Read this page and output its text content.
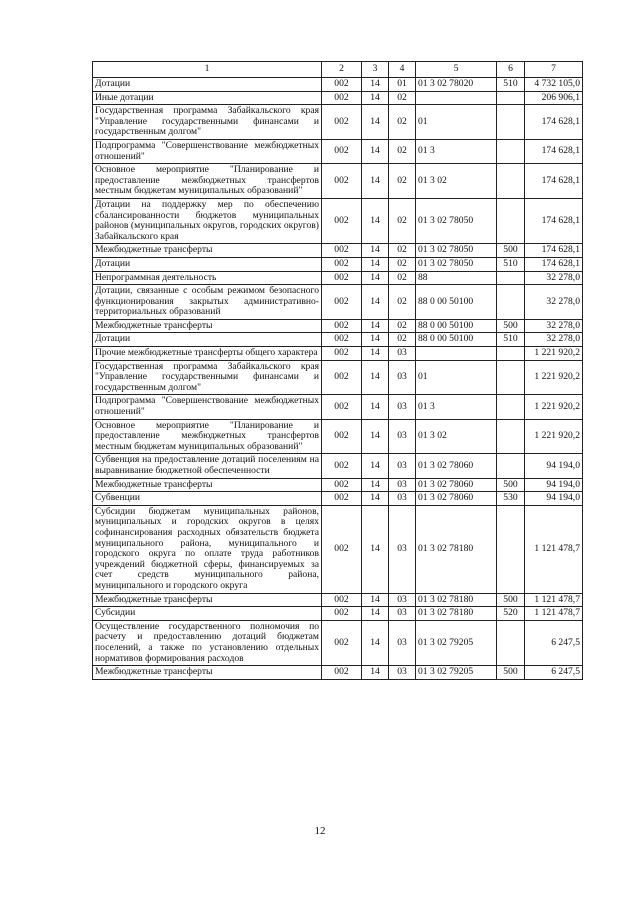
1	2	3	4	5	6	7
Дотации	002	14	01	01 3 02 78020	510	4 732 105,0
Иные дотации	002	14	02			206 906,1
Государственная программа Забайкальского края "Управление государственными финансами и государственным долгом"	002	14	02	01		174 628,1
Подпрограмма "Совершенствование межбюджетных отношений"	002	14	02	01 3		174 628,1
Основное мероприятие "Планирование и предоставление межбюджетных трансфертов местным бюджетам муниципальных образований"	002	14	02	01 3 02		174 628,1
Дотации на поддержку мер по обеспечению сбалансированности бюджетов муниципальных районов (муниципальных округов, городских округов) Забайкальского края	002	14	02	01 3 02 78050		174 628,1
Межбюджетные трансферты	002	14	02	01 3 02 78050	500	174 628,1
Дотации	002	14	02	01 3 02 78050	510	174 628,1
Непрограммная деятельность	002	14	02	88		32 278,0
Дотации, связанные с особым режимом безопасного функционирования закрытых административно-территориальных образований	002	14	02	88 0 00 50100		32 278,0
Межбюджетные трансферты	002	14	02	88 0 00 50100	500	32 278,0
Дотации	002	14	02	88 0 00 50100	510	32 278,0
Прочие межбюджетные трансферты общего характера	002	14	03			1 221 920,2
Государственная программа Забайкальского края "Управление государственными финансами и государственным долгом"	002	14	03	01		1 221 920,2
Подпрограмма "Совершенствование межбюджетных отношений"	002	14	03	01 3		1 221 920,2
Основное мероприятие "Планирование и предоставление межбюджетных трансфертов местным бюджетам муниципальных образований"	002	14	03	01 3 02		1 221 920,2
Субвенция на предоставление дотаций поселениям на выравнивание бюджетной обеспеченности	002	14	03	01 3 02 78060		94 194,0
Межбюджетные трансферты	002	14	03	01 3 02 78060	500	94 194,0
Субвенции	002	14	03	01 3 02 78060	530	94 194,0
Субсидии бюджетам муниципальных районов, муниципальных и городских округов в целях софинансирования расходных обязательств бюджета муниципального района, муниципального и городского округа по оплате труда работников учреждений бюджетной сферы, финансируемых за счет средств муниципального района, муниципального и городского округа	002	14	03	01 3 02 78180		1 121 478,7
Межбюджетные трансферты	002	14	03	01 3 02 78180	500	1 121 478,7
Субсидии	002	14	03	01 3 02 78180	520	1 121 478,7
Осуществление государственного полномочия по расчету и предоставлению дотаций бюджетам поселений, а также по установлению отдельных нормативов формирования расходов	002	14	03	01 3 02 79205		6 247,5
Межбюджетные трансферты	002	14	03	01 3 02 79205	500	6 247,5
12
